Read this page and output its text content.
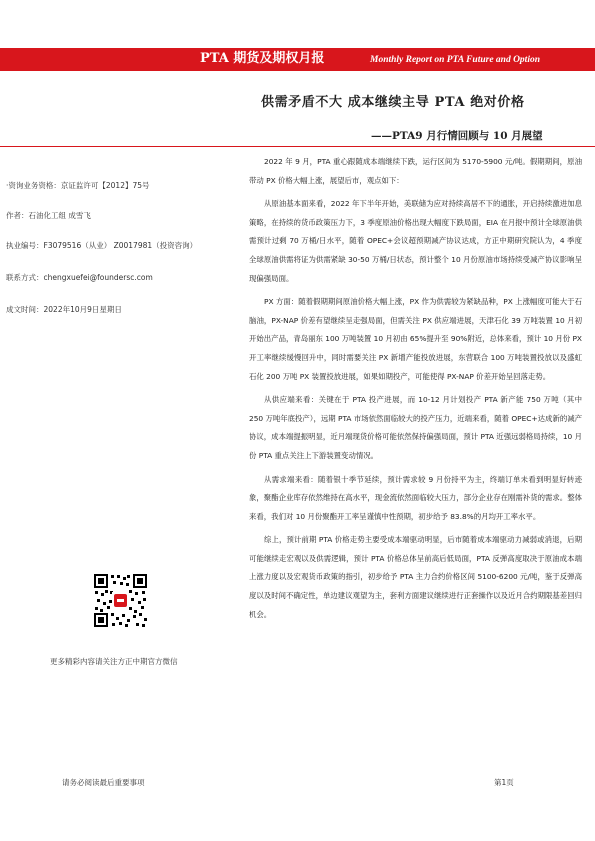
PTA 期货及期权月报	Monthly Report on PTA Future and Option
供需矛盾不大 成本继续主导 PTA 绝对价格
——PTA9 月行情回顾与 10 月展望
·资询业务资格：京证监许可【2012】75号
作者：石油化工组 成雪飞
执业编号：F3079516（从业） Z0017981（投资咨询）
联系方式：chengxuefei@foundersc.com
成文时间：2022年10月9日星期日
更多精彩内容请关注方正中期官方微信

2022 年 9 月，PTA 重心跟随成本端继续下跌，运行区间为 5170-5900 元/吨。假期期间，原油带动 PX 价格大幅上涨，展望后市，观点如下：

从原油基本面来看，2022 年下半年开始，美联储为应对持续高居不下的通胀，开启持续激进加息策略，在持续的货币政策压力下，3 季度原油价格出现大幅度下跌局面，EIA 在月报中预计全球原油供需预计过剩 70 万桶/日水平，随着 OPEC+会议超预期减产协议达成，方正中期研究院认为，4 季度全球原油供需将证为供需紧缺 30-50 万桶/日状态，预计整个 10 月份原油市场持续受减产协议影响呈现偏强局面。

PX 方面：随着假期期间原油价格大幅上涨，PX 作为供需较为紧缺品种，PX 上涨幅度可能大于石脑油，PX-NAP 价差有望继续呈走强局面，但需关注 PX 供应端进展，天津石化 39 万吨装置 10 月初开始出产品，青岛丽东 100 万吨装置 10 月初由 65%提升至 90%附近，总体来看，预计 10 月份 PX 开工率继续缓慢回升中，同时需要关注 PX 新增产能投放进展，东营联合 100 万吨装置投放以及盛虹石化 200 万吨 PX 装置投放进展，如果如期投产，可能使得 PX-NAP 价差开始呈回落走势。

从供应端来看：关键在于 PTA 投产进展，而 10-12 月计划投产 PTA 新产能 750 万吨（其中 250 万吨年底投产），远期 PTA 市场依然面临较大的投产压力，近端来看，随着 OPEC+达成新的减产协议，成本端提振明显，近月端现货价格可能依然保持偏强局面，预计 PTA 近强远弱格局持续，10 月份 PTA 重点关注上下游装置变动情况。

从需求端来看：随着银十季节延续，预计需求较 9 月份持平为主，终端订单未看到明显好转迹象，聚酯企业库存依然维持在高水平，现金流依然面临较大压力，部分企业存在刚需补货的需求。整体来看，我们对 10 月份聚酯开工率呈谨慎中性预期，初步给予 83.8%的月均开工率水平。

综上，预计前期 PTA 价格走势主要受成本端驱动明显，后市随着成本端驱动力减弱或消退，后期可能继续走宏观以及供需逻辑，预计 PTA 价格总体呈前高后低局面，PTA 反弹高度取决于原油成本端上涨力度以及宏观货币政策的指引，初步给予 PTA 主力合约价格区间 5100-6200 元/吨，鉴于反弹高度以及时间不确定性，单边建议观望为主，套利方面建议继续进行正套操作以及近月合约期限基差回归机会。

请务必阅读最后重要事项	第1页
